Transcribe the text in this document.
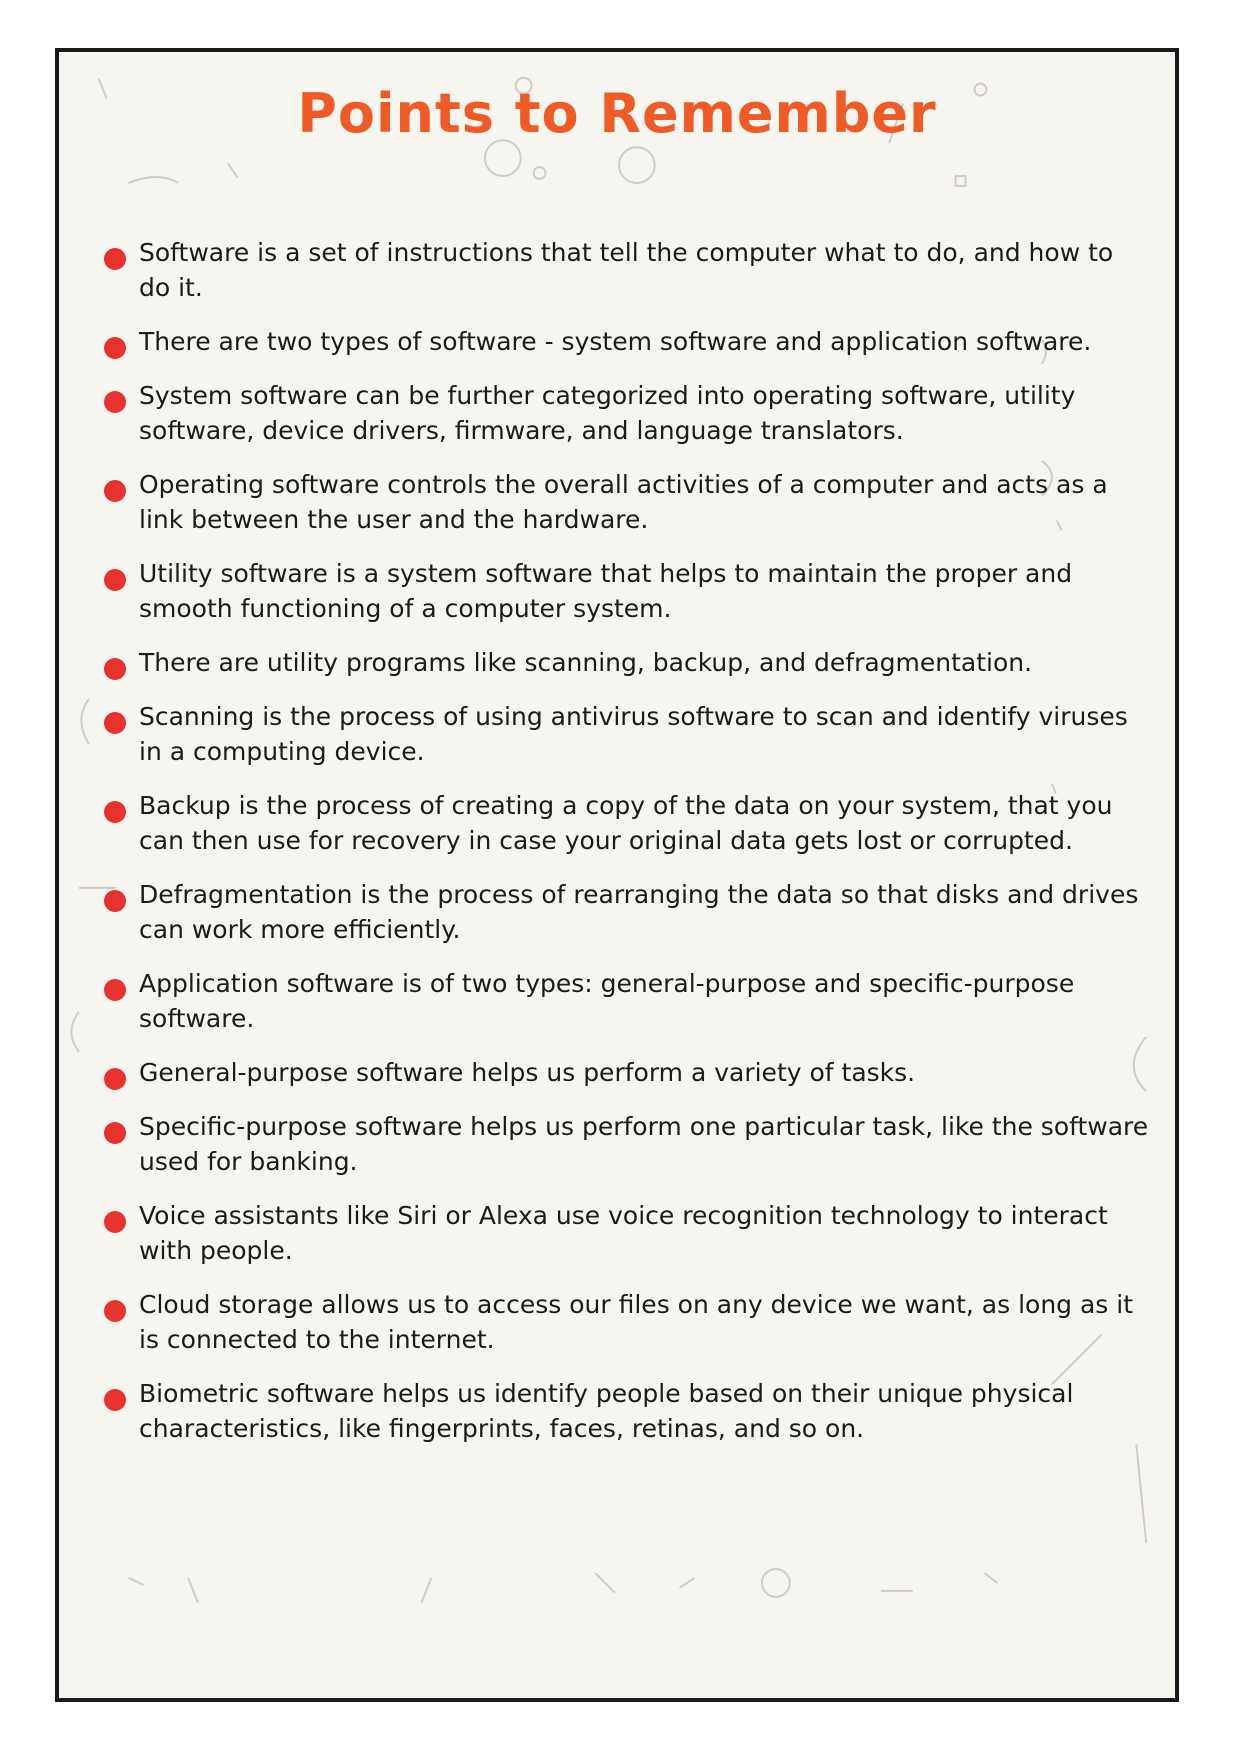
Points to Remember
Software is a set of instructions that tell the computer what to do, and how to do it.
There are two types of software - system software and application software.
System software can be further categorized into operating software, utility software, device drivers, firmware, and language translators.
Operating software controls the overall activities of a computer and acts as a link between the user and the hardware.
Utility software is a system software that helps to maintain the proper and smooth functioning of a computer system.
There are utility programs like scanning, backup, and defragmentation.
Scanning is the process of using antivirus software to scan and identify viruses in a computing device.
Backup is the process of creating a copy of the data on your system, that you can then use for recovery in case your original data gets lost or corrupted.
Defragmentation is the process of rearranging the data so that disks and drives can work more efficiently.
Application software is of two types: general-purpose and specific-purpose software.
General-purpose software helps us perform a variety of tasks.
Specific-purpose software helps us perform one particular task, like the software used for banking.
Voice assistants like Siri or Alexa use voice recognition technology to interact with people.
Cloud storage allows us to access our files on any device we want, as long as it is connected to the internet.
Biometric software helps us identify people based on their unique physical characteristics, like fingerprints, faces, retinas, and so on.
